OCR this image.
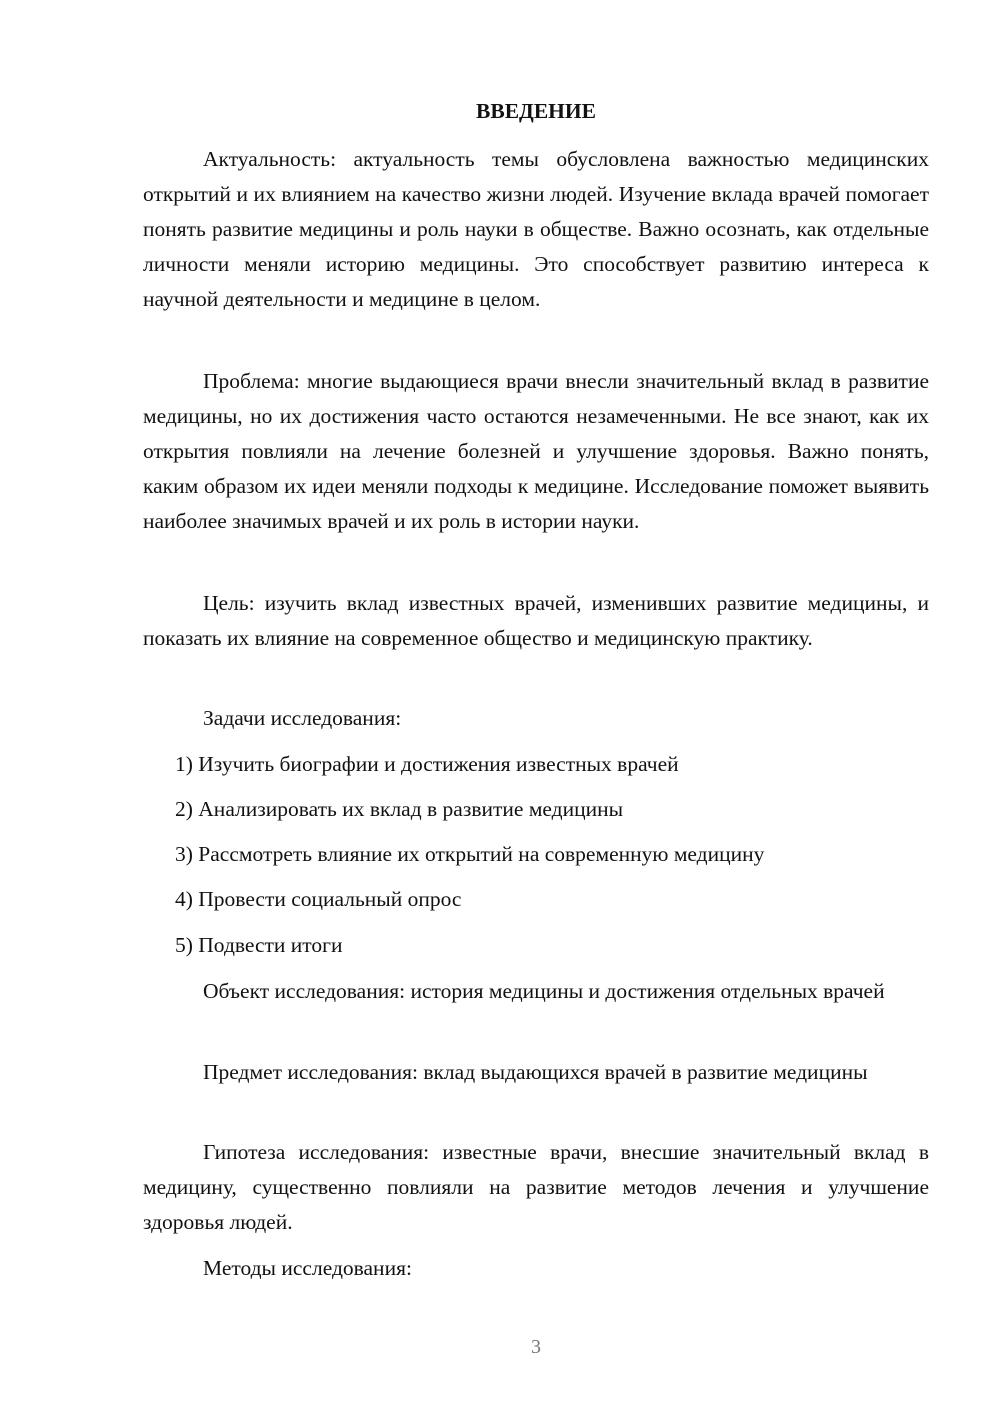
ВВЕДЕНИЕ

Актуальность: актуальность темы обусловлена важностью медицинских открытий и их влиянием на качество жизни людей. Изучение вклада врачей помогает понять развитие медицины и роль науки в обществе. Важно осознать, как отдельные личности меняли историю медицины. Это способствует развитию интереса к научной деятельности и медицине в целом.

Проблема: многие выдающиеся врачи внесли значительный вклад в развитие медицины, но их достижения часто остаются незамеченными. Не все знают, как их открытия повлияли на лечение болезней и улучшение здоровья. Важно понять, каким образом их идеи меняли подходы к медицине. Исследование поможет выявить наиболее значимых врачей и их роль в истории науки.

Цель: изучить вклад известных врачей, изменивших развитие медицины, и показать их влияние на современное общество и медицинскую практику.

Задачи исследования:

1) Изучить биографии и достижения известных врачей

2) Анализировать их вклад в развитие медицины

3) Рассмотреть влияние их открытий на современную медицину

4) Провести социальный опрос

5) Подвести итоги

Объект исследования: история медицины и достижения отдельных врачей

Предмет исследования: вклад выдающихся врачей в развитие медицины

Гипотеза исследования: известные врачи, внесшие значительный вклад в медицину, существенно повлияли на развитие методов лечения и улучшение здоровья людей.

Методы исследования:

3
